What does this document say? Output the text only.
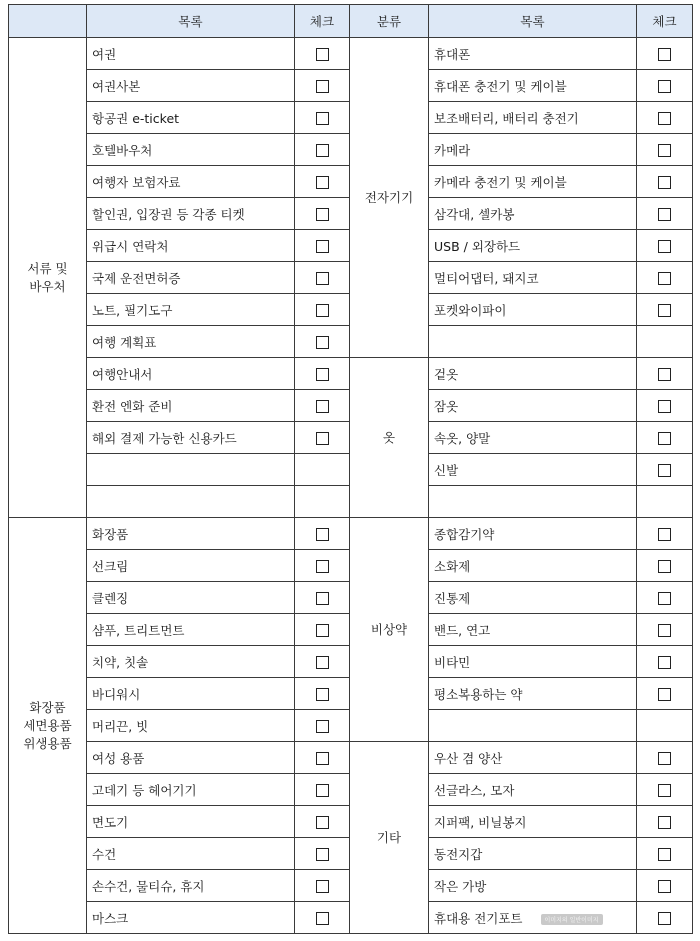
	목록	체크	분류	목록	체크
서류 및
바우처	여권		전자기기	휴대폰	
	여권사본			휴대폰 충전기 및 케이블	
	항공권 e-ticket			보조배터리, 배터리 충전기	
	호텔바우처			카메라	
	여행자 보험자료			카메라 충전기 및 케이블	
	할인권, 입장권 등 각종 티켓			삼각대, 셀카봉	
	위급시 연락처			USB / 외장하드	
	국제 운전면허증			멀티어댑터, 돼지코	
	노트, 필기도구			포켓와이파이	
	여행 계획표				
	여행안내서		옷	겉옷	
	환전 엔화 준비			잠옷	
	해외 결제 가능한 신용카드			속옷, 양말	
				신발	

화장품
세면용품
위생용품	화장품		비상약	종합감기약	
	선크림			소화제	
	클렌징			진통제	
	샴푸, 트리트먼트			밴드, 연고	
	치약, 칫솔			비타민	
	바디워시			평소복용하는 약	
	머리끈, 빗				
	여성 용품		기타	우산 겸 양산	
	고데기 등 헤어기기			선글라스, 모자	
	면도기			지퍼팩, 비닐봉지	
	수건			동전지갑	
	손수건, 물티슈, 휴지			작은 가방	
	마스크			휴대용 전기포트 이미지의 일반이미지	
